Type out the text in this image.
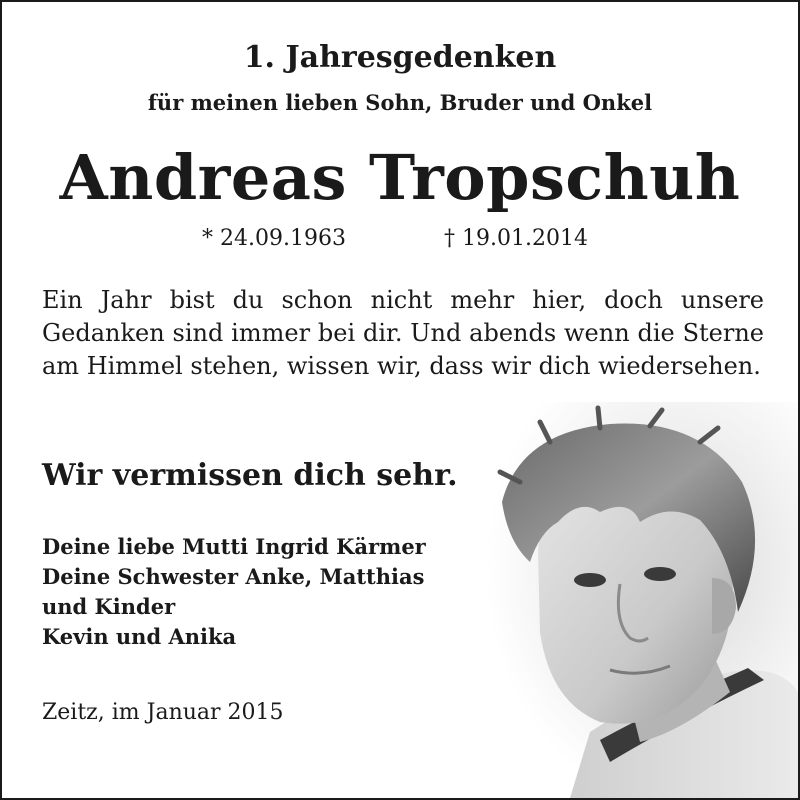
1. Jahresgedenken
für meinen lieben Sohn, Bruder und Onkel
Andreas Tropschuh
* 24.09.1963	† 19.01.2014
Ein Jahr bist du schon nicht mehr hier, doch unsere Gedanken sind immer bei dir. Und abends wenn die Sterne am Himmel stehen, wissen wir, dass wir dich wiedersehen.
Wir vermissen dich sehr.
Deine liebe Mutti Ingrid Kärmer
Deine Schwester Anke, Matthias
und Kinder
Kevin und Anika
Zeitz, im Januar 2015
